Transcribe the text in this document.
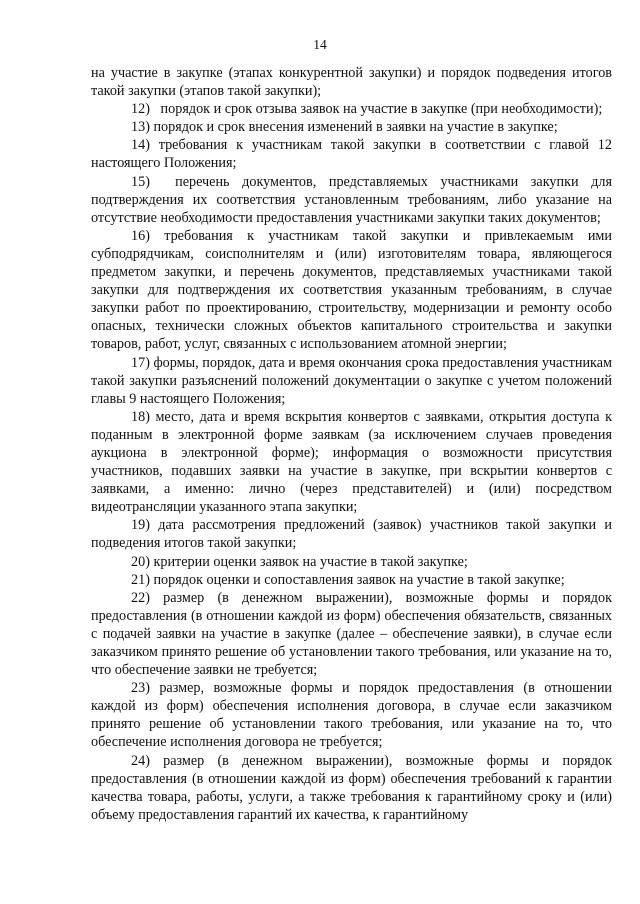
14

на участие в закупке (этапах конкурентной закупки) и порядок подведения итогов такой закупки (этапов такой закупки);

12)   порядок и срок отзыва заявок на участие в закупке (при необходимости);

13) порядок и срок внесения изменений в заявки на участие в закупке;

14) требования к участникам такой закупки в соответствии с главой 12 настоящего Положения;

15)  перечень документов, представляемых участниками закупки для подтверждения их соответствия установленным требованиям, либо указание на отсутствие необходимости предоставления участниками закупки таких документов;

16) требования к участникам такой закупки и привлекаемым ими субподрядчикам, соисполнителям и (или) изготовителям товара, являющегося предметом закупки, и перечень документов, представляемых участниками такой закупки для подтверждения их соответствия указанным требованиям, в случае закупки работ по проектированию, строительству, модернизации и ремонту особо опасных, технически сложных объектов капитального строительства и закупки товаров, работ, услуг, связанных с использованием атомной энергии;

17) формы, порядок, дата и время окончания срока предоставления участникам такой закупки разъяснений положений документации о закупке с учетом положений главы 9 настоящего Положения;

18) место, дата и время вскрытия конвертов с заявками, открытия доступа к поданным в электронной форме заявкам (за исключением случаев проведения аукциона в электронной форме); информация о возможности присутствия участников, подавших заявки на участие в закупке, при вскрытии конвертов с заявками, а именно: лично (через представителей) и (или) посредством видеотрансляции указанного этапа закупки;

19) дата рассмотрения предложений (заявок) участников такой закупки и подведения итогов такой закупки;

20) критерии оценки заявок на участие в такой закупке;

21) порядок оценки и сопоставления заявок на участие в такой закупке;

22) размер (в денежном выражении), возможные формы и порядок предоставления (в отношении каждой из форм) обеспечения обязательств, связанных с подачей заявки на участие в закупке (далее – обеспечение заявки), в случае если заказчиком принято решение об установлении такого требования, или указание на то, что обеспечение заявки не требуется;

23) размер, возможные формы и порядок предоставления (в отношении каждой из форм) обеспечения исполнения договора, в случае если заказчиком принято решение об установлении такого требования, или указание на то, что обеспечение исполнения договора не требуется;

24) размер (в денежном выражении), возможные формы и порядок предоставления (в отношении каждой из форм) обеспечения требований к гарантии качества товара, работы, услуги, а также требования к гарантийному сроку и (или) объему предоставления гарантий их качества, к гарантийному
